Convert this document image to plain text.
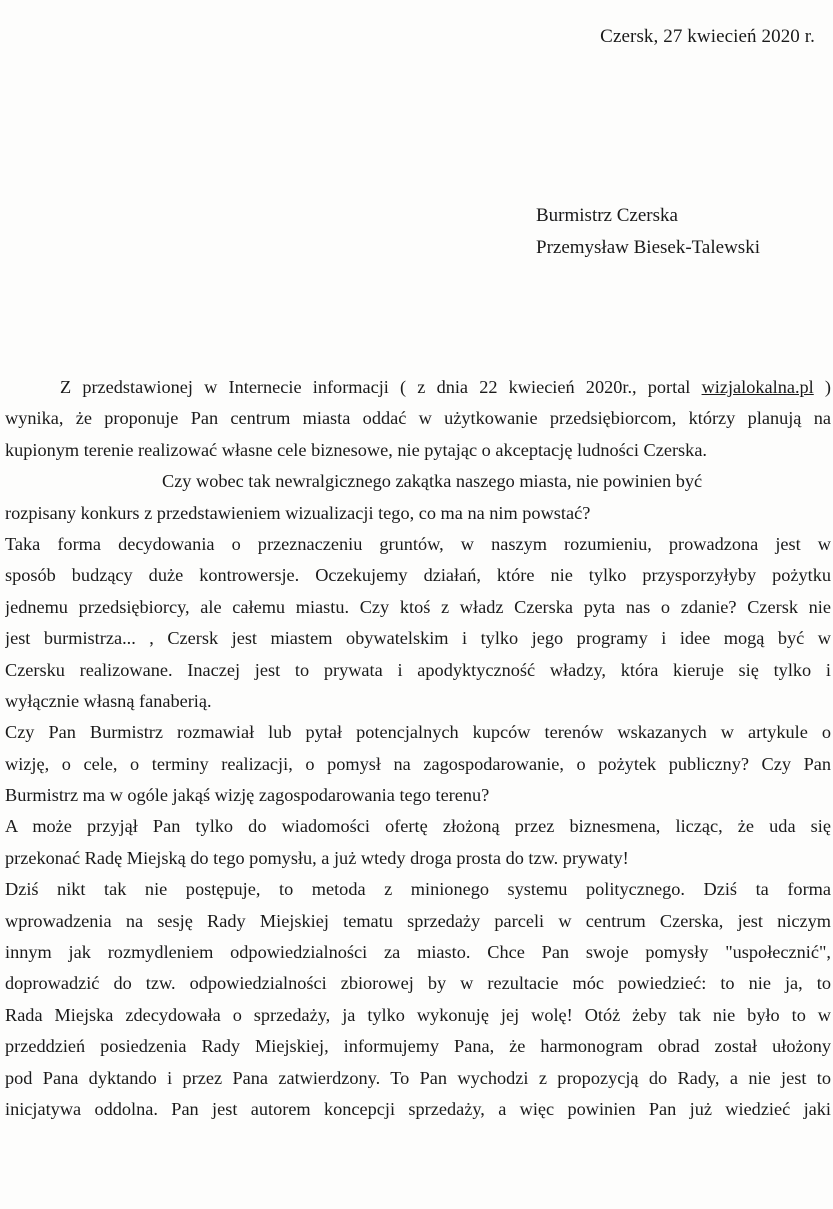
Czersk, 27 kwiecień 2020 r.
Burmistrz Czerska
Przemysław Biesek-Talewski
Z przedstawionej w Internecie informacji ( z dnia 22 kwiecień 2020r., portal wizjalokalna.pl )
wynika, że proponuje Pan centrum miasta oddać w użytkowanie przedsiębiorcom, którzy planują na
kupionym terenie realizować własne cele biznesowe, nie pytając o akceptację ludności Czerska.
Czy wobec tak newralgicznego zakątka naszego miasta, nie powinien być
rozpisany konkurs z przedstawieniem wizualizacji tego, co ma na nim powstać?
Taka forma decydowania o przeznaczeniu gruntów, w naszym rozumieniu, prowadzona jest w
sposób budzący duże kontrowersje. Oczekujemy działań, które nie tylko przysporzyłyby pożytku
jednemu przedsiębiorcy, ale całemu miastu. Czy ktoś z władz Czerska pyta nas o zdanie? Czersk nie
jest burmistrza... , Czersk jest miastem obywatelskim i tylko jego programy i idee mogą być w
Czersku realizowane. Inaczej jest to prywata i apodyktyczność władzy, która kieruje się tylko i
wyłącznie własną fanaberią.
Czy Pan Burmistrz rozmawiał lub pytał potencjalnych kupców terenów wskazanych w artykule o
wizję, o cele, o terminy realizacji, o pomysł na zagospodarowanie, o pożytek publiczny? Czy Pan
Burmistrz ma w ogóle jakąś wizję zagospodarowania tego terenu?
A może przyjął Pan tylko do wiadomości ofertę złożoną przez biznesmena, licząc, że uda się
przekonać Radę Miejską do tego pomysłu, a już wtedy droga prosta do tzw. prywaty!
Dziś nikt tak nie postępuje, to metoda z minionego systemu politycznego. Dziś ta forma
wprowadzenia na sesję Rady Miejskiej tematu sprzedaży parceli w centrum Czerska, jest niczym
innym jak rozmydleniem odpowiedzialności za miasto. Chce Pan swoje pomysły "uspołecznić",
doprowadzić do tzw. odpowiedzialności zbiorowej by w rezultacie móc powiedzieć: to nie ja, to
Rada Miejska zdecydowała o sprzedaży, ja tylko wykonuję jej wolę! Otóż żeby tak nie było to w
przeddzień posiedzenia Rady Miejskiej, informujemy Pana, że harmonogram obrad został ułożony
pod Pana dyktando i przez Pana zatwierdzony. To Pan wychodzi z propozycją do Rady, a nie jest to
inicjatywa oddolna. Pan jest autorem koncepcji sprzedaży, a więc powinien Pan już wiedzieć jaki
